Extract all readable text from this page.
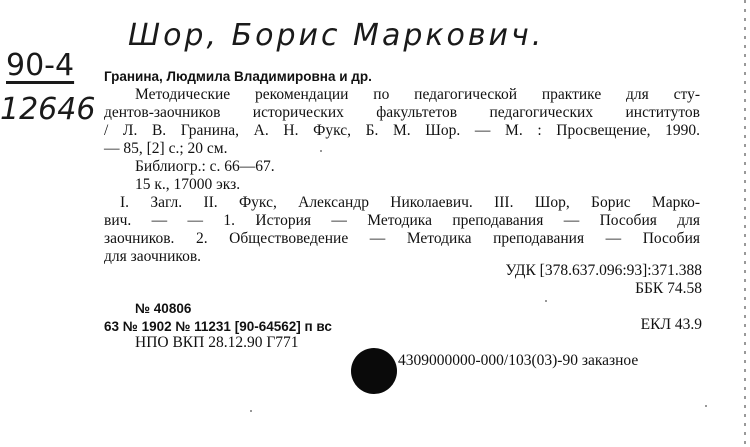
Шор, Борис Маркович.
90-4
12646
Гранина, Людмила Владимировна и др.
Методические рекомендации по педагогической практике для сту-
дентов-заочников исторических факультетов педагогических институтов
/ Л. В. Гранина, А. Н. Фукс, Б. М. Шор. — М. : Просвещение, 1990.
— 85, [2] с.; 20 см.
Библиогр.: с. 66—67.
15 к., 17000 экз.
I. Загл. II. Фукс, Александр Николаевич. III. Шор, Борис Марко-
вич. — — 1. История — Методика преподавания — Пособия для
заочников. 2. Обществоведение — Методика преподавания — Пособия
для заочников.
УДК [378.637.096:93]:371.388
ББК 74.58
№ 40806
63 № 1902 № 11231 [90-64562] п вс	ЕКЛ 43.9
НПО ВКП 28.12.90 Г771
4309000000-000/103(03)-90 заказное
